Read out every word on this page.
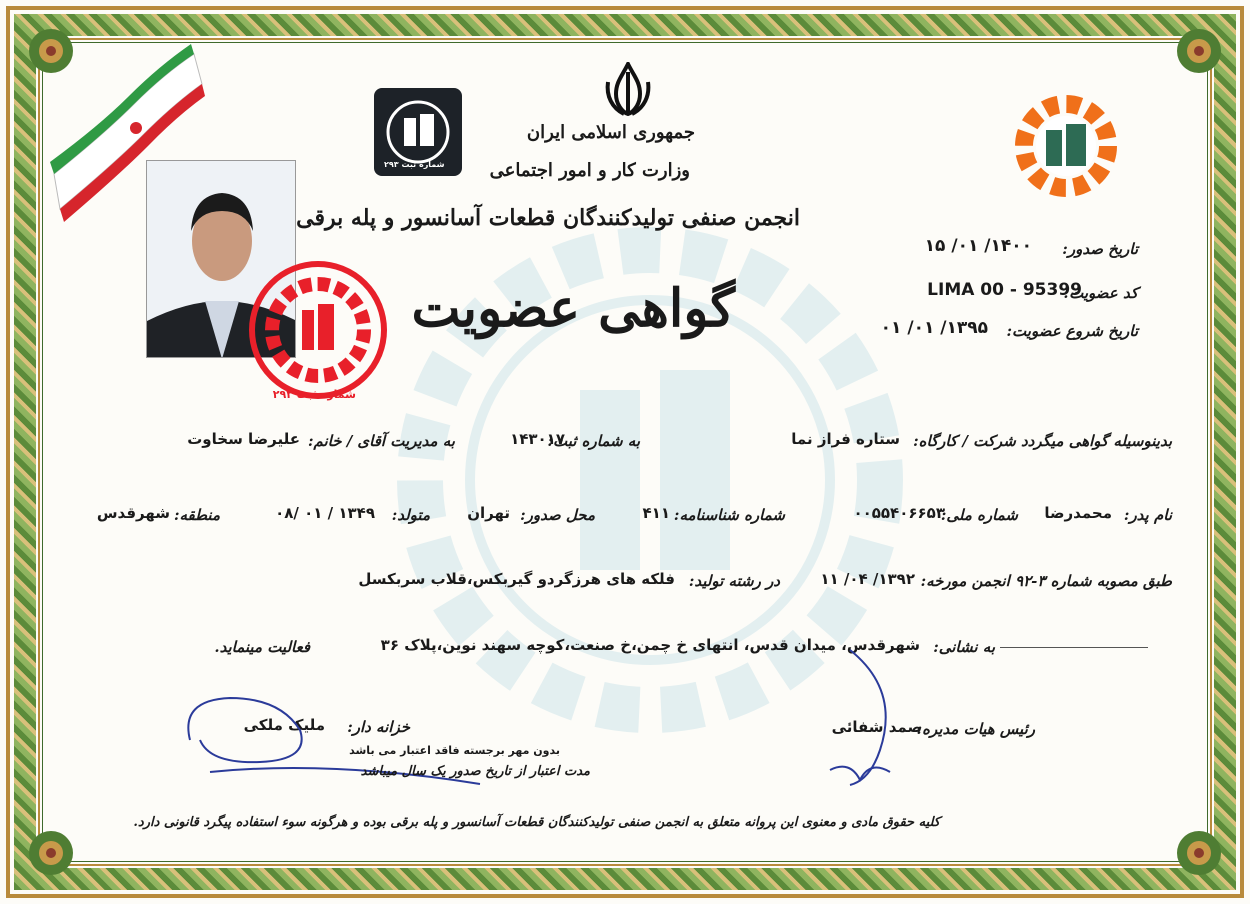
جمهوری اسلامی ایران
وزارت کار و امور اجتماعی
انجمن صنفی تولیدکنندگان قطعات آسانسور و پله برقی
گواهی عضویت
شماره ثبت ۲۹۳
شماره ثبت ۲۹۳
تاریخ صدور:
۱۴۰۰/ ۰۱/ ۱۵
کد عضویت:
LIMA 00 - 95399
تاریخ شروع عضویت:
۱۳۹۵/ ۰۱/ ۰۱
بدینوسیله گواهی میگردد شرکت / کارگاه:
ستاره فراز نما
به شماره ثبت:
۱۴۳۰۱۷
به مدیریت آقای / خانم:
علیرضا سخاوت
نام پدر:
محمدرضا
شماره ملی:
۰۰۵۵۴۰۶۶۵۳
شماره شناسنامه:
۴۱۱
محل صدور:
تهران
متولد:
۱۳۴۹ / ۰۱ /۰۸
منطقه:
شهرقدس
طبق مصوبه شماره ۳-۹۲ انجمن مورخه:
۱۳۹۲/ ۰۴/ ۱۱
در رشته تولید:
فلکه های هرزگردو گیربکس،قلاب سربکسل
به نشانی:
شهرقدس، میدان قدس، انتهای خ چمن،خ صنعت،کوچه سهند نوین،پلاک ۳۶
فعالیت مینماید.
رئیس هیات مدیره:
صمد شفائی
خزانه دار:
ملیک ملکی
بدون مهر برجسته فاقد اعتبار می باشد
مدت اعتبار از تاریخ صدور یک سال میباشد
کلیه حقوق مادی و معنوی این پروانه متعلق به انجمن صنفی تولیدکنندگان قطعات آسانسور و پله برقی بوده و هرگونه سوء استفاده پیگرد قانونی دارد.
